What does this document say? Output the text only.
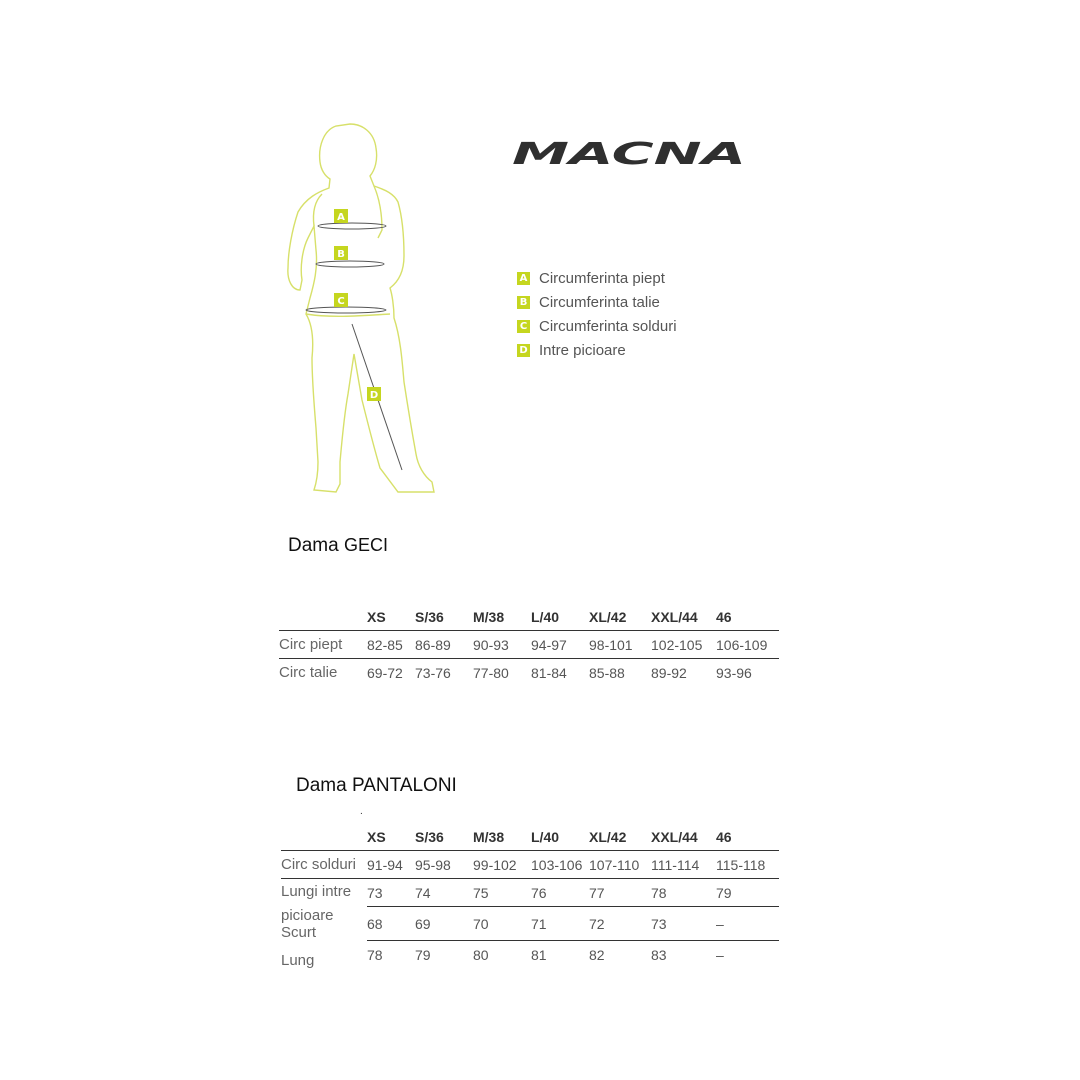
A
B
C
D
MACNA
A Circumferinta piept
B Circumferinta talie
C Circumferinta solduri
D Intre picioare
Dama GECI
	XS	S/36	M/38	L/40	XL/42	XXL/44	46
Circ piept	82-85	86-89	90-93	94-97	98-101	102-105	106-109
Circ talie	69-72	73-76	77-80	81-84	85-88	89-92	93-96
Dama PANTALONI
.
	XS	S/36	M/38	L/40	XL/42	XXL/44	46
Circ solduri	91-94	95-98	99-102	103-106	107-110	111-114	115-118
Lungi intre	73	74	75	76	77	78	79
picioare
Scurt	68	69	70	71	72	73	–
Lung	78	79	80	81	82	83	–
